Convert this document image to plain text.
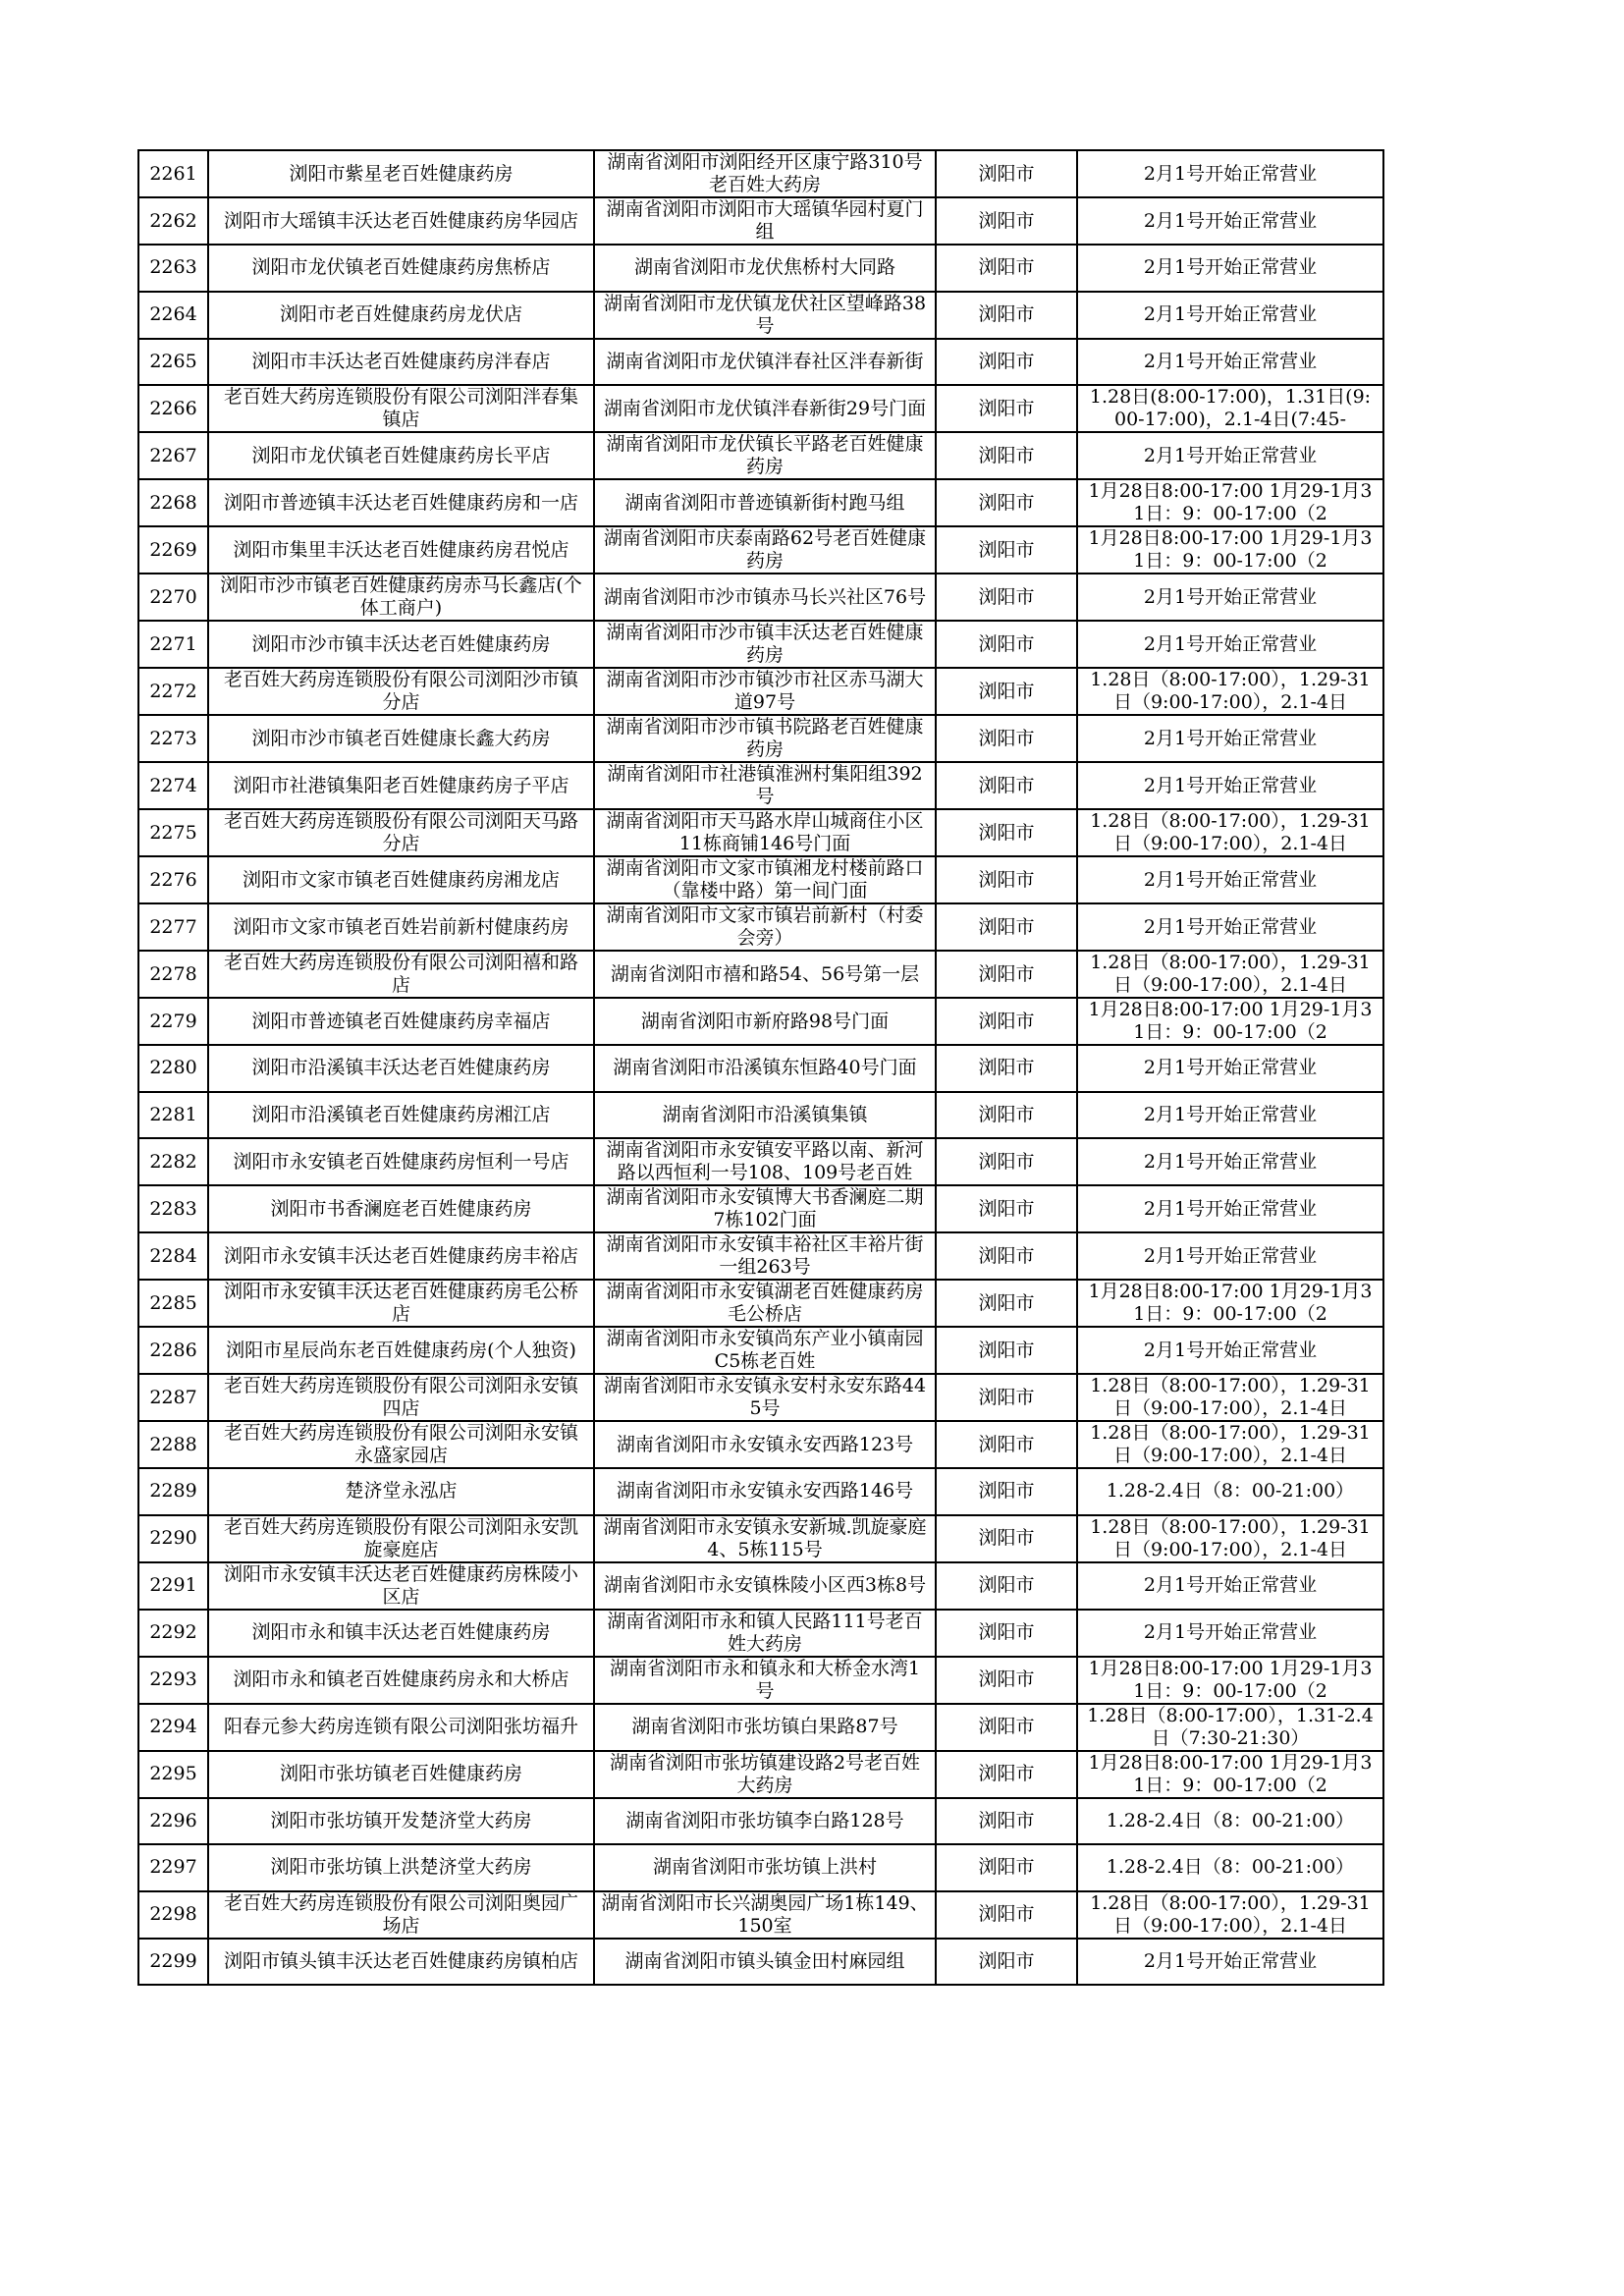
2261	浏阳市紫星老百姓健康药房	湖南省浏阳市浏阳经开区康宁路310号老百姓大药房	浏阳市	2月1号开始正常营业

2262	浏阳市大瑶镇丰沃达老百姓健康药房华园店	湖南省浏阳市浏阳市大瑶镇华园村夏门组	浏阳市	2月1号开始正常营业

2263	浏阳市龙伏镇老百姓健康药房焦桥店	湖南省浏阳市龙伏焦桥村大同路	浏阳市	2月1号开始正常营业

2264	浏阳市老百姓健康药房龙伏店	湖南省浏阳市龙伏镇龙伏社区望峰路38号	浏阳市	2月1号开始正常营业

2265	浏阳市丰沃达老百姓健康药房泮春店	湖南省浏阳市龙伏镇泮春社区泮春新街	浏阳市	2月1号开始正常营业

2266	老百姓大药房连锁股份有限公司浏阳泮春集镇店	湖南省浏阳市龙伏镇泮春新街29号门面	浏阳市	1.28日(8:00-17:00)，1.31日(9:00-17:00)，2.1-4日(7:45-

2267	浏阳市龙伏镇老百姓健康药房长平店	湖南省浏阳市龙伏镇长平路老百姓健康药房	浏阳市	2月1号开始正常营业

2268	浏阳市普迹镇丰沃达老百姓健康药房和一店	湖南省浏阳市普迹镇新街村跑马组	浏阳市	1月28日8:00-17:00 1月29-1月31日：9：00-17:00（2

2269	浏阳市集里丰沃达老百姓健康药房君悦店	湖南省浏阳市庆泰南路62号老百姓健康药房	浏阳市	1月28日8:00-17:00 1月29-1月31日：9：00-17:00（2

2270	浏阳市沙市镇老百姓健康药房赤马长鑫店(个体工商户)	湖南省浏阳市沙市镇赤马长兴社区76号	浏阳市	2月1号开始正常营业

2271	浏阳市沙市镇丰沃达老百姓健康药房	湖南省浏阳市沙市镇丰沃达老百姓健康药房	浏阳市	2月1号开始正常营业

2272	老百姓大药房连锁股份有限公司浏阳沙市镇分店	湖南省浏阳市沙市镇沙市社区赤马湖大道97号	浏阳市	1.28日（8:00-17:00），1.29-31日（9:00-17:00），2.1-4日

2273	浏阳市沙市镇老百姓健康长鑫大药房	湖南省浏阳市沙市镇书院路老百姓健康药房	浏阳市	2月1号开始正常营业

2274	浏阳市社港镇集阳老百姓健康药房子平店	湖南省浏阳市社港镇淮洲村集阳组392号	浏阳市	2月1号开始正常营业

2275	老百姓大药房连锁股份有限公司浏阳天马路分店	湖南省浏阳市天马路水岸山城商住小区11栋商铺146号门面	浏阳市	1.28日（8:00-17:00），1.29-31日（9:00-17:00），2.1-4日

2276	浏阳市文家市镇老百姓健康药房湘龙店	湖南省浏阳市文家市镇湘龙村楼前路口（靠楼中路）第一间门面	浏阳市	2月1号开始正常营业

2277	浏阳市文家市镇老百姓岩前新村健康药房	湖南省浏阳市文家市镇岩前新村（村委会旁）	浏阳市	2月1号开始正常营业

2278	老百姓大药房连锁股份有限公司浏阳禧和路店	湖南省浏阳市禧和路54、56号第一层	浏阳市	1.28日（8:00-17:00），1.29-31日（9:00-17:00），2.1-4日

2279	浏阳市普迹镇老百姓健康药房幸福店	湖南省浏阳市新府路98号门面	浏阳市	1月28日8:00-17:00 1月29-1月31日：9：00-17:00（2

2280	浏阳市沿溪镇丰沃达老百姓健康药房	湖南省浏阳市沿溪镇东恒路40号门面	浏阳市	2月1号开始正常营业

2281	浏阳市沿溪镇老百姓健康药房湘江店	湖南省浏阳市沿溪镇集镇	浏阳市	2月1号开始正常营业

2282	浏阳市永安镇老百姓健康药房恒利一号店	湖南省浏阳市永安镇安平路以南、新河路以西恒利一号108、109号老百姓	浏阳市	2月1号开始正常营业

2283	浏阳市书香澜庭老百姓健康药房	湖南省浏阳市永安镇博大书香澜庭二期7栋102门面	浏阳市	2月1号开始正常营业

2284	浏阳市永安镇丰沃达老百姓健康药房丰裕店	湖南省浏阳市永安镇丰裕社区丰裕片街一组263号	浏阳市	2月1号开始正常营业

2285	浏阳市永安镇丰沃达老百姓健康药房毛公桥店	湖南省浏阳市永安镇湖老百姓健康药房毛公桥店	浏阳市	1月28日8:00-17:00 1月29-1月31日：9：00-17:00（2

2286	浏阳市星辰尚东老百姓健康药房(个人独资)	湖南省浏阳市永安镇尚东产业小镇南园C5栋老百姓	浏阳市	2月1号开始正常营业

2287	老百姓大药房连锁股份有限公司浏阳永安镇四店	湖南省浏阳市永安镇永安村永安东路445号	浏阳市	1.28日（8:00-17:00），1.29-31日（9:00-17:00），2.1-4日

2288	老百姓大药房连锁股份有限公司浏阳永安镇永盛家园店	湖南省浏阳市永安镇永安西路123号	浏阳市	1.28日（8:00-17:00），1.29-31日（9:00-17:00），2.1-4日

2289	楚济堂永泓店	湖南省浏阳市永安镇永安西路146号	浏阳市	1.28-2.4日（8：00-21:00）

2290	老百姓大药房连锁股份有限公司浏阳永安凯旋豪庭店	湖南省浏阳市永安镇永安新城.凯旋豪庭4、5栋115号	浏阳市	1.28日（8:00-17:00），1.29-31日（9:00-17:00），2.1-4日

2291	浏阳市永安镇丰沃达老百姓健康药房株陵小区店	湖南省浏阳市永安镇株陵小区西3栋8号	浏阳市	2月1号开始正常营业

2292	浏阳市永和镇丰沃达老百姓健康药房	湖南省浏阳市永和镇人民路111号老百姓大药房	浏阳市	2月1号开始正常营业

2293	浏阳市永和镇老百姓健康药房永和大桥店	湖南省浏阳市永和镇永和大桥金水湾1号	浏阳市	1月28日8:00-17:00 1月29-1月31日：9：00-17:00（2

2294	阳春元参大药房连锁有限公司浏阳张坊福升	湖南省浏阳市张坊镇白果路87号	浏阳市	1.28日（8:00-17:00），1.31-2.4日（7:30-21:30）

2295	浏阳市张坊镇老百姓健康药房	湖南省浏阳市张坊镇建设路2号老百姓大药房	浏阳市	1月28日8:00-17:00 1月29-1月31日：9：00-17:00（2

2296	浏阳市张坊镇开发楚济堂大药房	湖南省浏阳市张坊镇李白路128号	浏阳市	1.28-2.4日（8：00-21:00）

2297	浏阳市张坊镇上洪楚济堂大药房	湖南省浏阳市张坊镇上洪村	浏阳市	1.28-2.4日（8：00-21:00）

2298	老百姓大药房连锁股份有限公司浏阳奥园广场店	湖南省浏阳市长兴湖奥园广场1栋149、150室	浏阳市	1.28日（8:00-17:00），1.29-31日（9:00-17:00），2.1-4日

2299	浏阳市镇头镇丰沃达老百姓健康药房镇柏店	湖南省浏阳市镇头镇金田村麻园组	浏阳市	2月1号开始正常营业
